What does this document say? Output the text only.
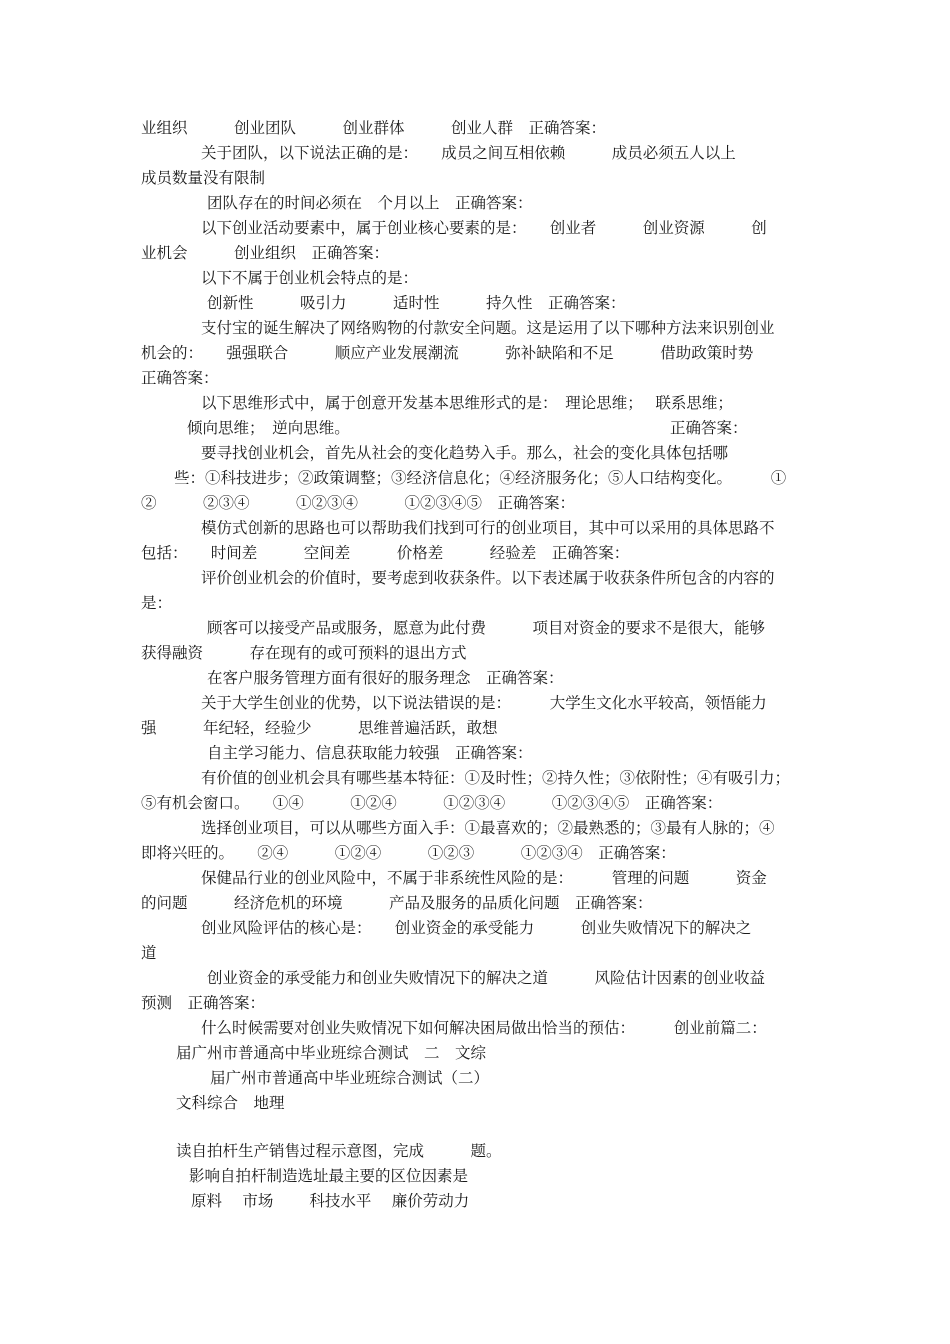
业组织　　　创业团队　　　创业群体　　　创业人群　正确答案：
关于团队，以下说法正确的是：　　成员之间互相依赖　　　成员必须五人以上
成员数量没有限制
团队存在的时间必须在　个月以上　正确答案：
以下创业活动要素中，属于创业核心要素的是：　　创业者　　　创业资源　　　创
业机会　　　创业组织　正确答案：
以下不属于创业机会特点的是：
创新性　　　吸引力　　　适时性　　　持久性　正确答案：
支付宝的诞生解决了网络购物的付款安全问题。这是运用了以下哪种方法来识别创业
机会的：　　强强联合　　　顺应产业发展潮流　　　弥补缺陷和不足　　　借助政策时势
正确答案：
以下思维形式中，属于创意开发基本思维形式的是：　理论思维；　 联系思维；
倾向思维；　逆向思维。	正确答案：
要寻找创业机会，首先从社会的变化趋势入手。那么，社会的变化具体包括哪
些：①科技进步；②政策调整；③经济信息化；④经济服务化；⑤人口结构变化。　　　①
②　　　②③④　　　①②③④　　　①②③④⑤　正确答案：
模仿式创新的思路也可以帮助我们找到可行的创业项目，其中可以采用的具体思路不
包括：　　时间差　　　空间差　　　价格差　　　经验差　正确答案：
评价创业机会的价值时，要考虑到收获条件。以下表述属于收获条件所包含的内容的
是：
顾客可以接受产品或服务，愿意为此付费　　　项目对资金的要求不是很大，能够
获得融资　　　存在现有的或可预料的退出方式
在客户服务管理方面有很好的服务理念　正确答案：
关于大学生创业的优势，以下说法错误的是：　　　大学生文化水平较高，领悟能力
强　　　年纪轻，经验少　　　思维普遍活跃，敢想
自主学习能力、信息获取能力较强　正确答案：
有价值的创业机会具有哪些基本特征：①及时性；②持久性；③依附性；④有吸引力；
⑤有机会窗口。　　①④　　　①②④　　　①②③④　　　①②③④⑤　正确答案：
选择创业项目，可以从哪些方面入手：①最喜欢的；②最熟悉的；③最有人脉的；④
即将兴旺的。　　②④　　　①②④　　　①②③　　　①②③④　正确答案：
保健品行业的创业风险中，不属于非系统性风险的是：　　　管理的问题　　　资金
的问题　　　经济危机的环境　　　产品及服务的品质化问题　正确答案：
创业风险评估的核心是：　　创业资金的承受能力　　　创业失败情况下的解决之
道
创业资金的承受能力和创业失败情况下的解决之道　　　风险估计因素的创业收益
预测　正确答案：
什么时候需要对创业失败情况下如何解决困局做出恰当的预估：　　　创业前篇二：
届广州市普通高中毕业班综合测试　二　文综
届广州市普通高中毕业班综合测试（二）
文科综合　地理
读自拍杆生产销售过程示意图，完成　　　题。
影响自拍杆制造选址最主要的区位因素是
原料　 市场　　 科技水平　 廉价劳动力
